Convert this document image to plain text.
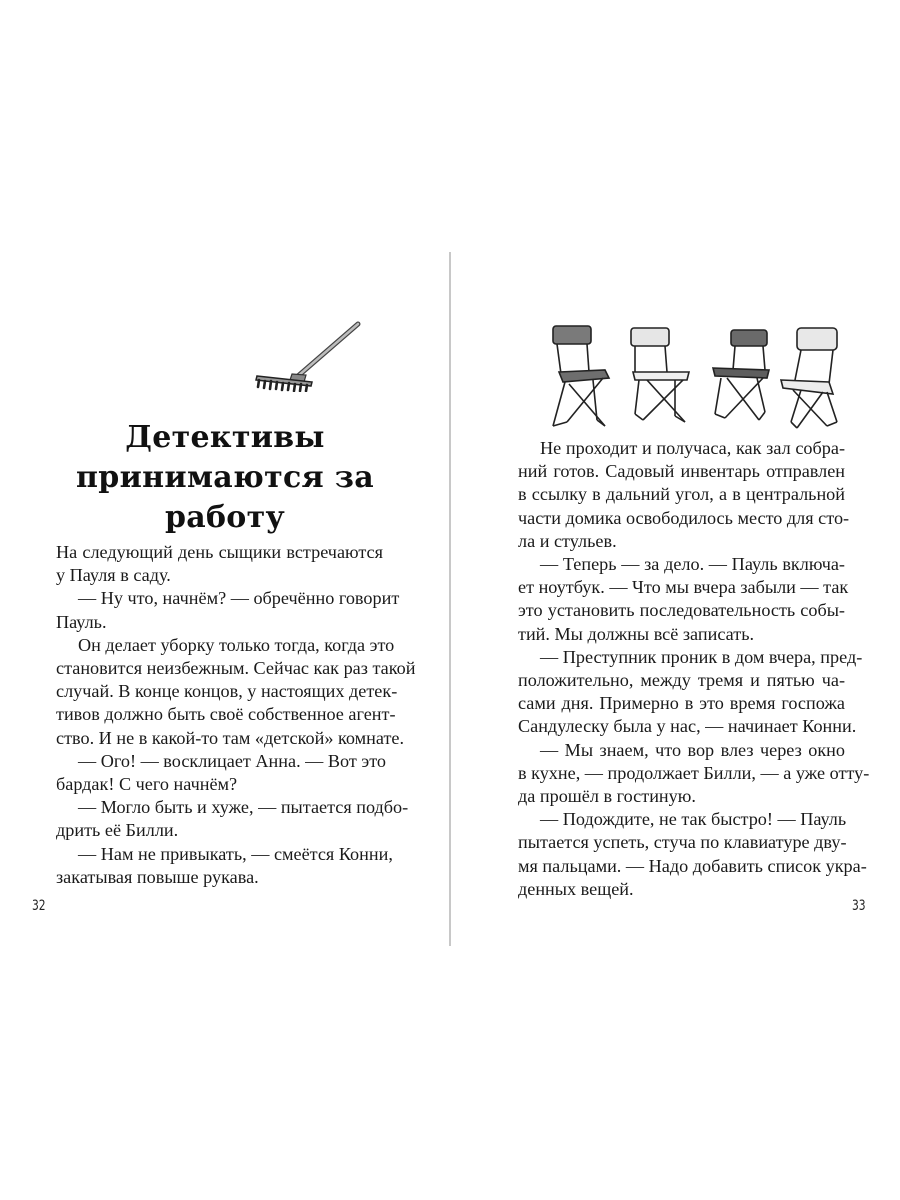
Детективы
принимаются за работу

На следующий день сыщики встречаются
у Пауля в саду.

— Ну что, начнём? — обречённо говорит
Пауль.

Он делает уборку только тогда, когда это
становится неизбежным. Сейчас как раз такой
случай. В конце концов, у настоящих детек-
тивов должно быть своё собственное агент-
ство. И не в какой-то там «детской» комнате.

— Ого! — восклицает Анна. — Вот это
бардак! С чего начнём?

— Могло быть и хуже, — пытается подбо-
дрить её Билли.

— Нам не привыкать, — смеётся Конни,
закатывая повыше рукава.

32

Не проходит и получаса, как зал собра-
ний готов. Садовый инвентарь отправлен
в ссылку в дальний угол, а в центральной
части домика освободилось место для сто-
ла и стульев.

— Теперь — за дело. — Пауль включа-
ет ноутбук. — Что мы вчера забыли — так
это установить последовательность собы-
тий. Мы должны всё записать.

— Преступник проник в дом вчера, пред-
положительно, между тремя и пятью ча-
сами дня. Примерно в это время госпожа
Сандулеску была у нас, — начинает Конни.

— Мы знаем, что вор влез через окно
в кухне, — продолжает Билли, — а уже отту-
да прошёл в гостиную.

— Подождите, не так быстро! — Пауль
пытается успеть, стуча по клавиатуре дву-
мя пальцами. — Надо добавить список укра-
денных вещей.

33
